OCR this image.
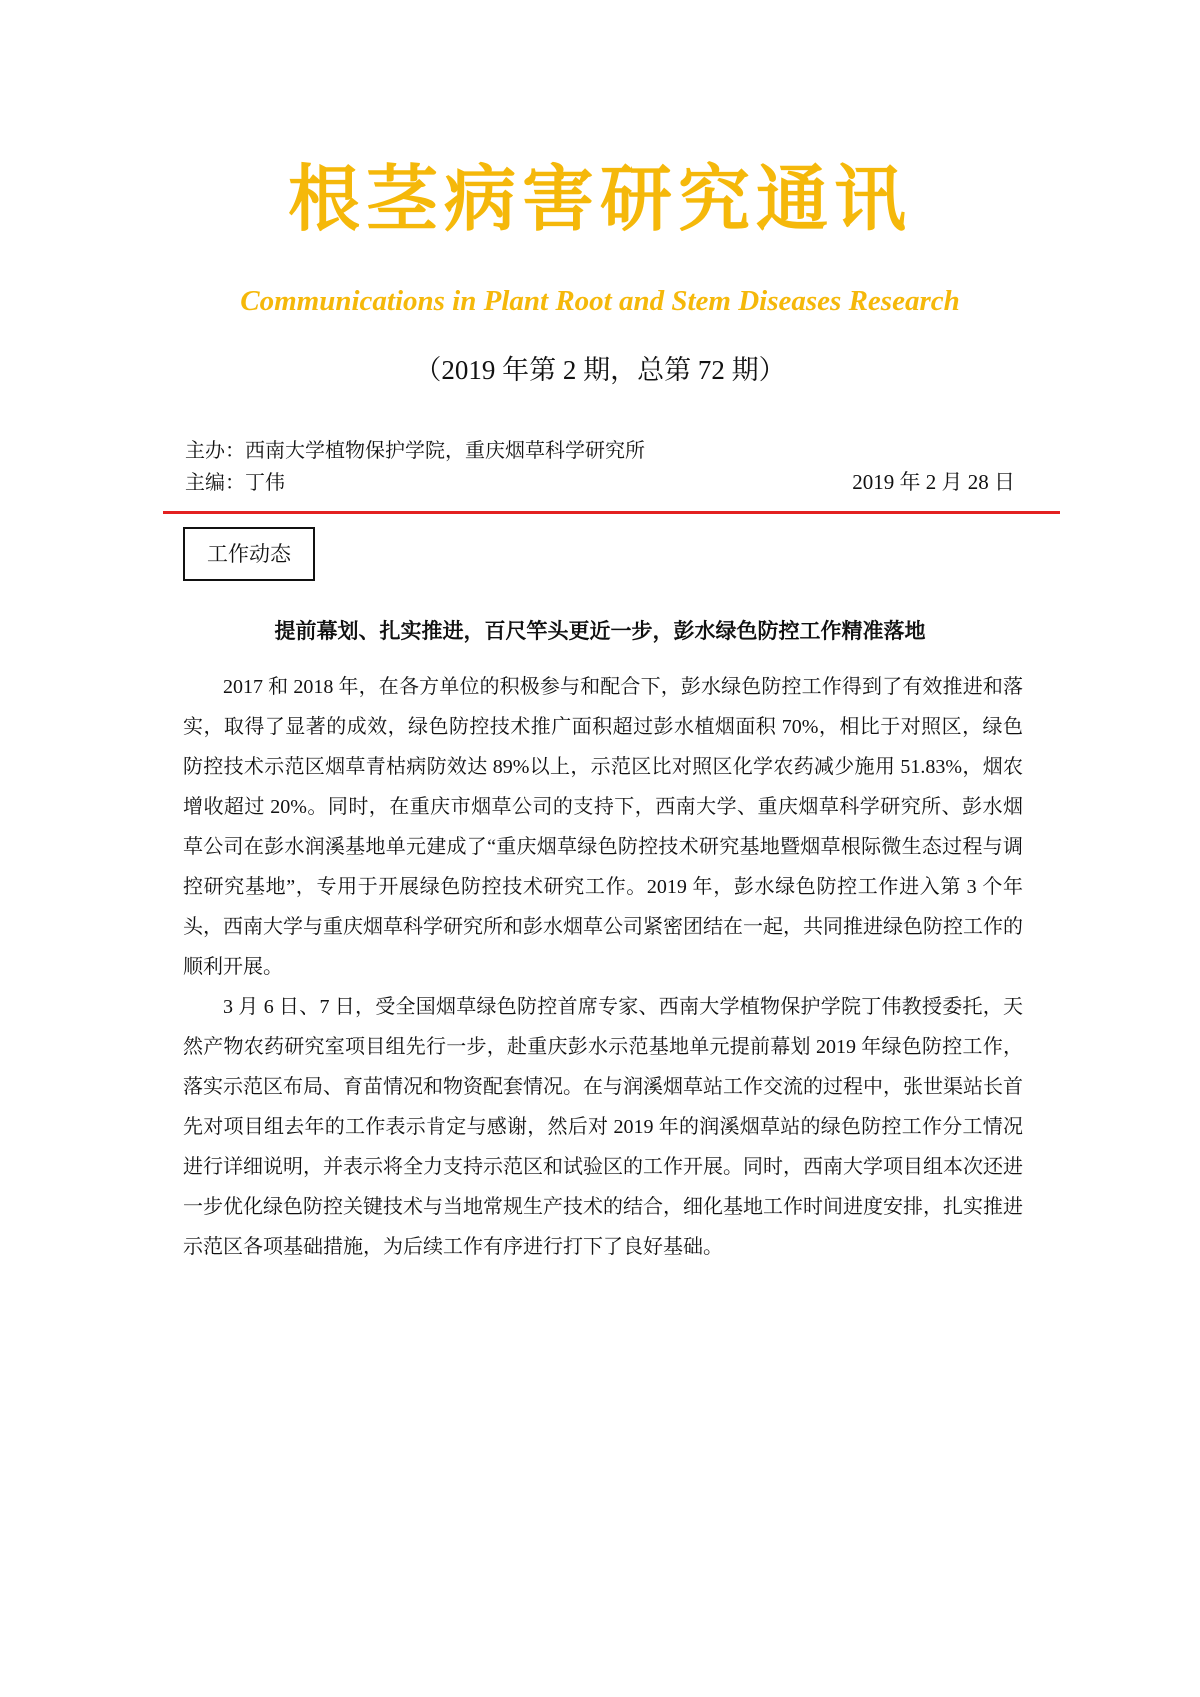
根茎病害研究通讯
Communications in Plant Root and Stem Diseases Research
（2019 年第 2 期，总第 72 期）
主办：西南大学植物保护学院，重庆烟草科学研究所
主编：丁伟	2019 年 2 月 28 日
工作动态
提前幕划、扎实推进，百尺竿头更近一步，彭水绿色防控工作精准落地

2017 和 2018 年，在各方单位的积极参与和配合下，彭水绿色防控工作得到了有效推进和落实，取得了显著的成效，绿色防控技术推广面积超过彭水植烟面积 70%，相比于对照区，绿色防控技术示范区烟草青枯病防效达 89%以上，示范区比对照区化学农药减少施用 51.83%，烟农增收超过 20%。同时，在重庆市烟草公司的支持下，西南大学、重庆烟草科学研究所、彭水烟草公司在彭水润溪基地单元建成了“重庆烟草绿色防控技术研究基地暨烟草根际微生态过程与调控研究基地”，专用于开展绿色防控技术研究工作。2019 年，彭水绿色防控工作进入第 3 个年头，西南大学与重庆烟草科学研究所和彭水烟草公司紧密团结在一起，共同推进绿色防控工作的顺利开展。

3 月 6 日、7 日，受全国烟草绿色防控首席专家、西南大学植物保护学院丁伟教授委托，天然产物农药研究室项目组先行一步，赴重庆彭水示范基地单元提前幕划 2019 年绿色防控工作，落实示范区布局、育苗情况和物资配套情况。在与润溪烟草站工作交流的过程中，张世渠站长首先对项目组去年的工作表示肯定与感谢，然后对 2019 年的润溪烟草站的绿色防控工作分工情况进行详细说明，并表示将全力支持示范区和试验区的工作开展。同时，西南大学项目组本次还进一步优化绿色防控关键技术与当地常规生产技术的结合，细化基地工作时间进度安排，扎实推进示范区各项基础措施，为后续工作有序进行打下了良好基础。
